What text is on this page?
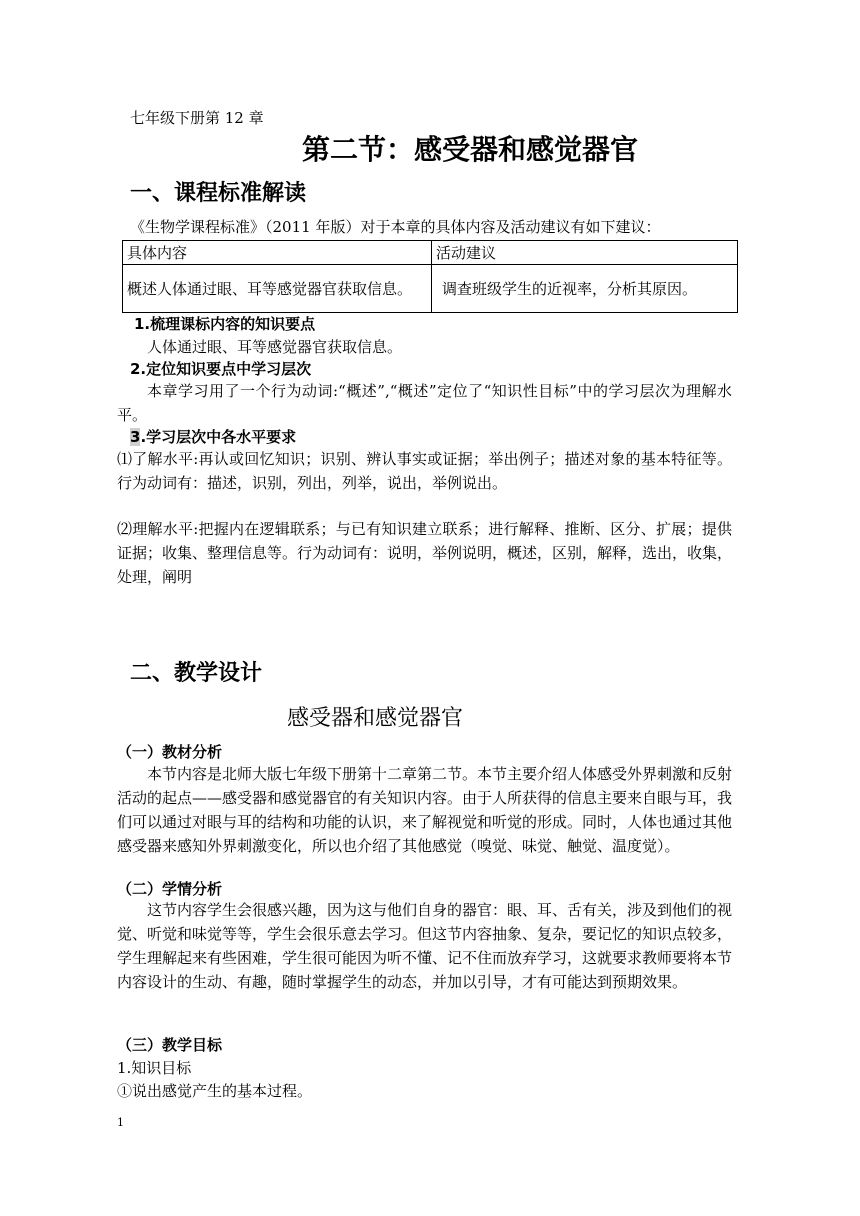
七年级下册第 12 章
第二节：感受器和感觉器官
一、课程标准解读
《生物学课程标准》（2011 年版）对于本章的具体内容及活动建议有如下建议：
具体内容	活动建议
概述人体通过眼、耳等感觉器官获取信息。	调查班级学生的近视率，分析其原因。
1.梳理课标内容的知识要点
人体通过眼、耳等感觉器官获取信息。
2.定位知识要点中学习层次
本章学习用了一个行为动词:“概述”,“概述”定位了“知识性目标”中的学习层次为理解水平。
3.学习层次中各水平要求
⑴了解水平:再认或回忆知识；识别、辨认事实或证据；举出例子；描述对象的基本特征等。行为动词有：描述，识别，列出，列举，说出，举例说出。
⑵理解水平:把握内在逻辑联系；与已有知识建立联系；进行解释、推断、区分、扩展；提供证据；收集、整理信息等。行为动词有：说明，举例说明，概述，区别，解释，选出，收集，处理，阐明
二、教学设计
感受器和感觉器官
（一）教材分析
本节内容是北师大版七年级下册第十二章第二节。本节主要介绍人体感受外界刺激和反射活动的起点——感受器和感觉器官的有关知识内容。由于人所获得的信息主要来自眼与耳，我们可以通过对眼与耳的结构和功能的认识，来了解视觉和听觉的形成。同时，人体也通过其他感受器来感知外界刺激变化，所以也介绍了其他感觉（嗅觉、味觉、触觉、温度觉）。
（二）学情分析
这节内容学生会很感兴趣，因为这与他们自身的器官：眼、耳、舌有关，涉及到他们的视觉、听觉和味觉等等，学生会很乐意去学习。但这节内容抽象、复杂，要记忆的知识点较多，学生理解起来有些困难，学生很可能因为听不懂、记不住而放弃学习，这就要求教师要将本节内容设计的生动、有趣，随时掌握学生的动态，并加以引导，才有可能达到预期效果。
（三）教学目标
1.知识目标
①说出感觉产生的基本过程。
1
